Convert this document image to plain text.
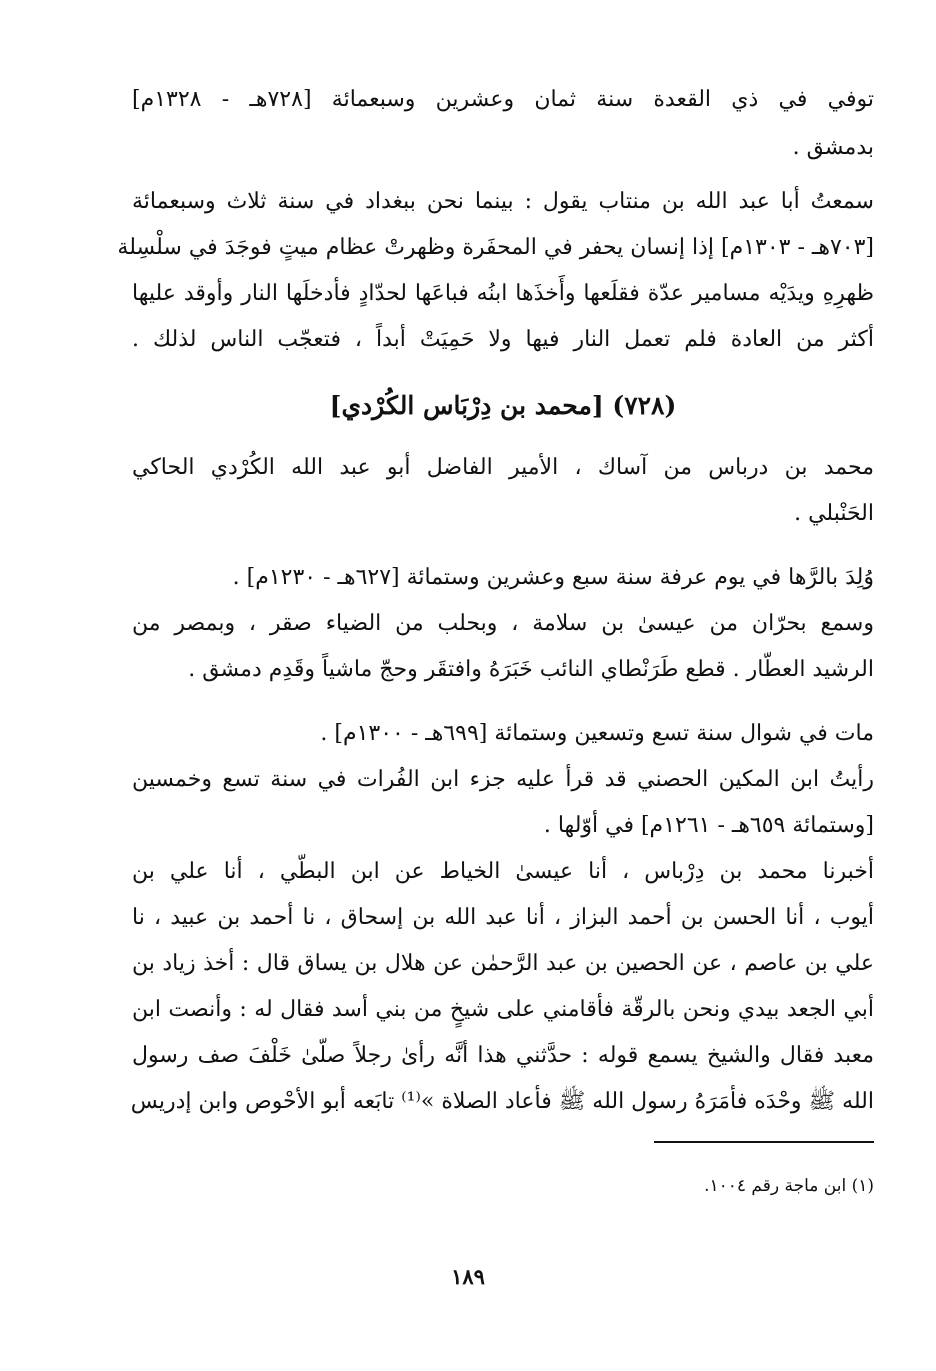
توفي في ذي القعدة سنة ثمان وعشرين وسبعمائة [٧٢٨هـ - ١٣٢٨م]
بدمشق .
سمعتُ أبا عبد الله بن منتاب يقول : بينما نحن ببغداد في سنة ثلاث وسبعمائة
[٧٠٣هـ - ١٣٠٣م] إذا إنسان يحفر في المحفَرة وظهرتْ عظام ميتٍ فوجَدَ في سلْسِلة
ظهرِهِ ويدَيْه مسامير عدّة فقلَعها وأَخذَها ابنُه فباعَها لحدّادٍ فأدخلَها النار وأوقد عليها
أكثر من العادة فلم تعمل النار فيها ولا حَمِيَتْ أبداً ، فتعجّب الناس لذلك .
(٧٢٨) [محمد بن دِرْبَاس الكُرْدي]
محمد بن درباس من آساك ، الأمير الفاضل أبو عبد الله الكُرْدي الحاكي
الحَنْبلي .
وُلِدَ بالرَّها في يوم عرفة سنة سبع وعشرين وستمائة [٦٢٧هـ - ١٢٣٠م] .
وسمع بحرّان من عيسىٰ بن سلامة ، وبحلب من الضياء صقر ، وبمصر من
الرشيد العطّار . قطع طَرَنْطاي النائب خَبَرَهُ وافتقَر وحجّ ماشياً وقَدِم دمشق .
مات في شوال سنة تسع وتسعين وستمائة [٦٩٩هـ - ١٣٠٠م] .
رأيتُ ابن المكين الحصني قد قرأ عليه جزء ابن الفُرات في سنة تسع وخمسين
[وستمائة ٦٥٩هـ - ١٢٦١م] في أوّلها .
أخبرنا محمد بن دِرْباس ، أنا عيسىٰ الخياط عن ابن البطّي ، أنا علي بن
أيوب ، أنا الحسن بن أحمد البزاز ، أنا عبد الله بن إسحاق ، نا أحمد بن عبيد ، نا
علي بن عاصم ، عن الحصين بن عبد الرَّحمٰن عن هلال بن يساق قال : أخذ زياد بن
أبي الجعد بيدي ونحن بالرقّة فأقامني على شيخٍ من بني أسد فقال له : وأنصت ابن
معبد فقال والشيخ يسمع قوله : حدَّثني هذا أنَّه رأىٰ رجلاً صلّىٰ خَلْفَ صف رسول
الله ﷺ وحْدَه فأمَرَهُ رسول الله ﷺ فأعاد الصلاة »⁽¹⁾ تابَعه أبو الأحْوص وابن إدريس
(١) ابن ماجة رقم ١٠٠٤.
١٨٩
